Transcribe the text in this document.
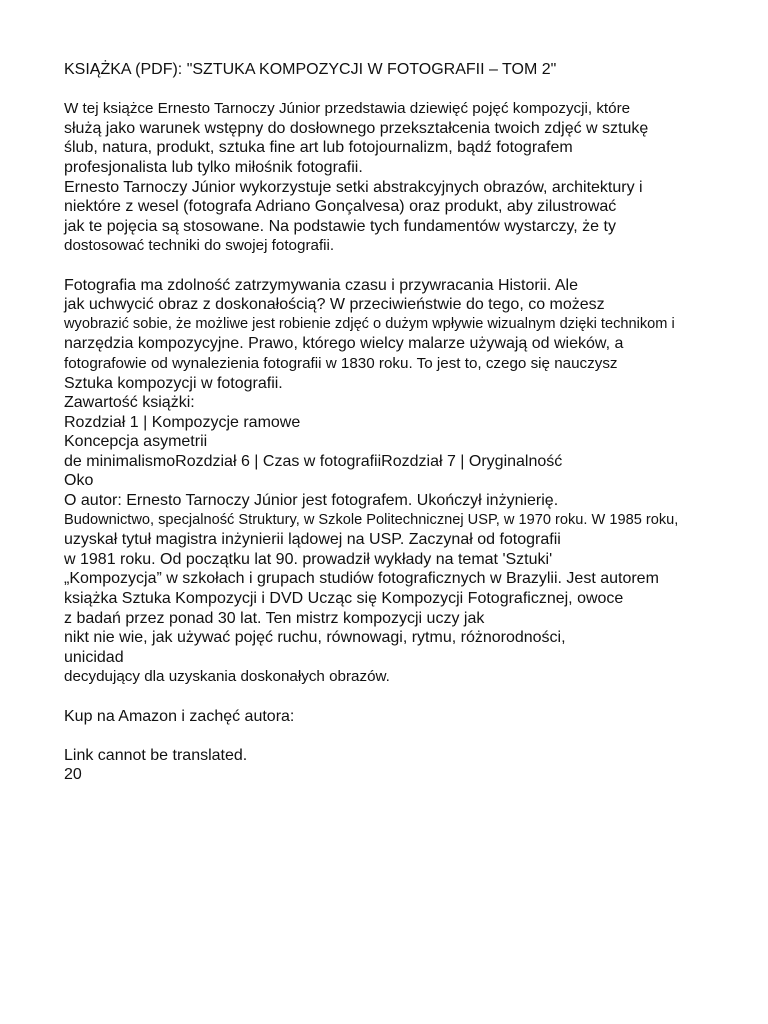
KSIĄŻKA (PDF): "SZTUKA KOMPOZYCJI W FOTOGRAFII – TOM 2"
W tej książce Ernesto Tarnoczy Júnior przedstawia dziewięć pojęć kompozycji, które
służą jako warunek wstępny do dosłownego przekształcenia twoich zdjęć w sztukę
ślub, natura, produkt, sztuka fine art lub fotojournalizm, bądź fotografem
profesjonalista lub tylko miłośnik fotografii.
Ernesto Tarnoczy Júnior wykorzystuje setki abstrakcyjnych obrazów, architektury i
niektóre z wesel (fotografa Adriano Gonçalvesa) oraz produkt, aby zilustrować
jak te pojęcia są stosowane. Na podstawie tych fundamentów wystarczy, że ty
dostosować techniki do swojej fotografii.
Fotografia ma zdolność zatrzymywania czasu i przywracania Historii. Ale
jak uchwycić obraz z doskonałością? W przeciwieństwie do tego, co możesz
wyobrazić sobie, że możliwe jest robienie zdjęć o dużym wpływie wizualnym dzięki technikom i
narzędzia kompozycyjne. Prawo, którego wielcy malarze używają od wieków, a
fotografowie od wynalezienia fotografii w 1830 roku. To jest to, czego się nauczysz
Sztuka kompozycji w fotografii.
Zawartość książki:
Rozdział 1 | Kompozycje ramowe
Koncepcja asymetrii
de minimalismoRozdział 6 | Czas w fotografiiRozdział 7 | Oryginalność
Oko
O autor: Ernesto Tarnoczy Júnior jest fotografem. Ukończył inżynierię.
Budownictwo, specjalność Struktury, w Szkole Politechnicznej USP, w 1970 roku. W 1985 roku,
uzyskał tytuł magistra inżynierii lądowej na USP. Zaczynał od fotografii
w 1981 roku. Od początku lat 90. prowadził wykłady na temat 'Sztuki'
„Kompozycja” w szkołach i grupach studiów fotograficznych w Brazylii. Jest autorem
książka Sztuka Kompozycji i DVD Ucząc się Kompozycji Fotograficznej, owoce
z badań przez ponad 30 lat. Ten mistrz kompozycji uczy jak
nikt nie wie, jak używać pojęć ruchu, równowagi, rytmu, różnorodności,
unicidad
decydujący dla uzyskania doskonałych obrazów.
Kup na Amazon i zachęć autora:
Link cannot be translated.
20
